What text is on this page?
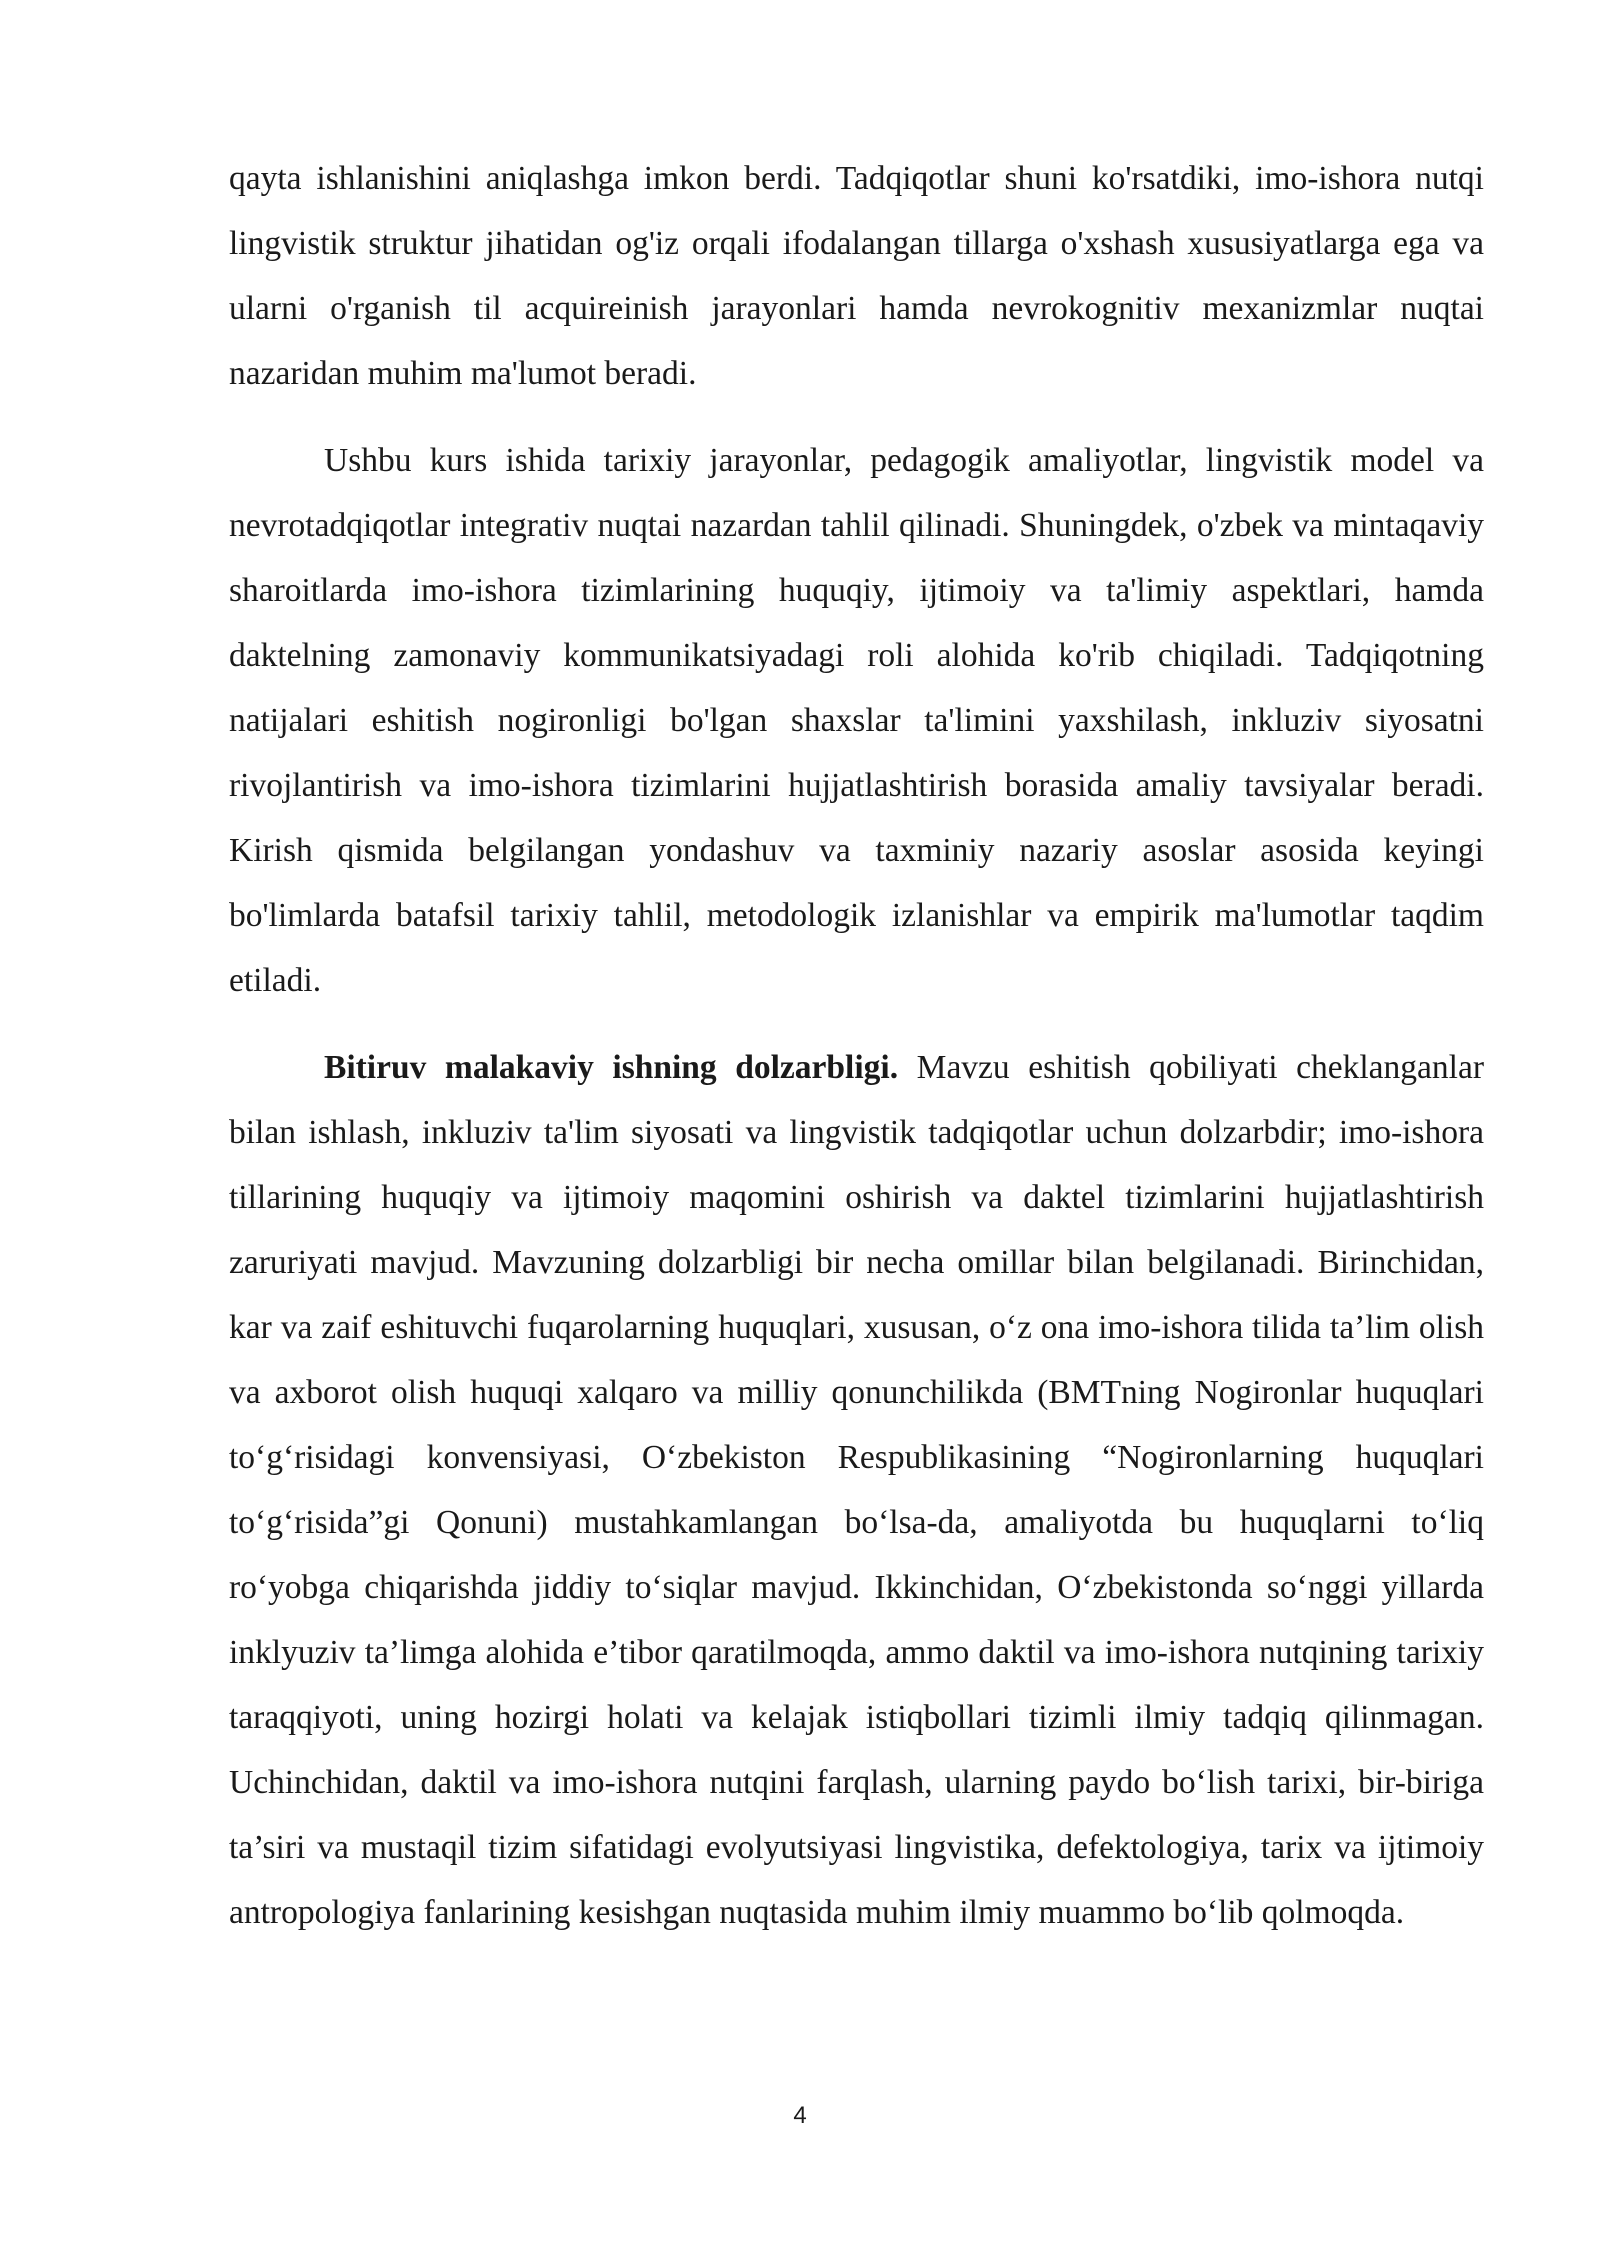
qayta ishlanishini aniqlashga imkon berdi. Tadqiqotlar shuni ko'rsatdiki, imo-ishora nutqi lingvistik struktur jihatidan og'iz orqali ifodalangan tillarga o'xshash xususiyatlarga ega va ularni o'rganish til acquireinish jarayonlari hamda nevrokognitiv mexanizmlar nuqtai nazaridan muhim ma'lumot beradi.

Ushbu kurs ishida tarixiy jarayonlar, pedagogik amaliyotlar, lingvistik model va nevrotadqiqotlar integrativ nuqtai nazardan tahlil qilinadi. Shuningdek, o'zbek va mintaqaviy sharoitlarda imo-ishora tizimlarining huquqiy, ijtimoiy va ta'limiy aspektlari, hamda daktelning zamonaviy kommunikatsiyadagi roli alohida ko'rib chiqiladi. Tadqiqotning natijalari eshitish nogironligi bo'lgan shaxslar ta'limini yaxshilash, inkluziv siyosatni rivojlantirish va imo-ishora tizimlarini hujjatlashtirish borasida amaliy tavsiyalar beradi. Kirish qismida belgilangan yondashuv va taxminiy nazariy asoslar asosida keyingi bo'limlarda batafsil tarixiy tahlil, metodologik izlanishlar va empirik ma'lumotlar taqdim etiladi.

Bitiruv malakaviy ishning dolzarbligi. Mavzu eshitish qobiliyati cheklanganlar bilan ishlash, inkluziv ta'lim siyosati va lingvistik tadqiqotlar uchun dolzarbdir; imo-ishora tillarining huquqiy va ijtimoiy maqomini oshirish va daktel tizimlarini hujjatlashtirish zaruriyati mavjud. Mavzuning dolzarbligi bir necha omillar bilan belgilanadi. Birinchidan, kar va zaif eshituvchi fuqarolarning huquqlari, xususan, o‘z ona imo-ishora tilida ta’lim olish va axborot olish huquqi xalqaro va milliy qonunchilikda (BMTning Nogironlar huquqlari to‘g‘risidagi konvensiyasi, O‘zbekiston Respublikasining “Nogironlarning huquqlari to‘g‘risida”gi Qonuni) mustahkamlangan bo‘lsa-da, amaliyotda bu huquqlarni to‘liq ro‘yobga chiqarishda jiddiy to‘siqlar mavjud. Ikkinchidan, O‘zbekistonda so‘nggi yillarda inklyuziv ta’limga alohida e’tibor qaratilmoqda, ammo daktil va imo-ishora nutqining tarixiy taraqqiyoti, uning hozirgi holati va kelajak istiqbollari tizimli ilmiy tadqiq qilinmagan. Uchinchidan, daktil va imo-ishora nutqini farqlash, ularning paydo bo‘lish tarixi, bir-biriga ta’siri va mustaqil tizim sifatidagi evolyutsiyasi lingvistika, defektologiya, tarix va ijtimoiy antropologiya fanlarining kesishgan nuqtasida muhim ilmiy muammo bo‘lib qolmoqda.

4
